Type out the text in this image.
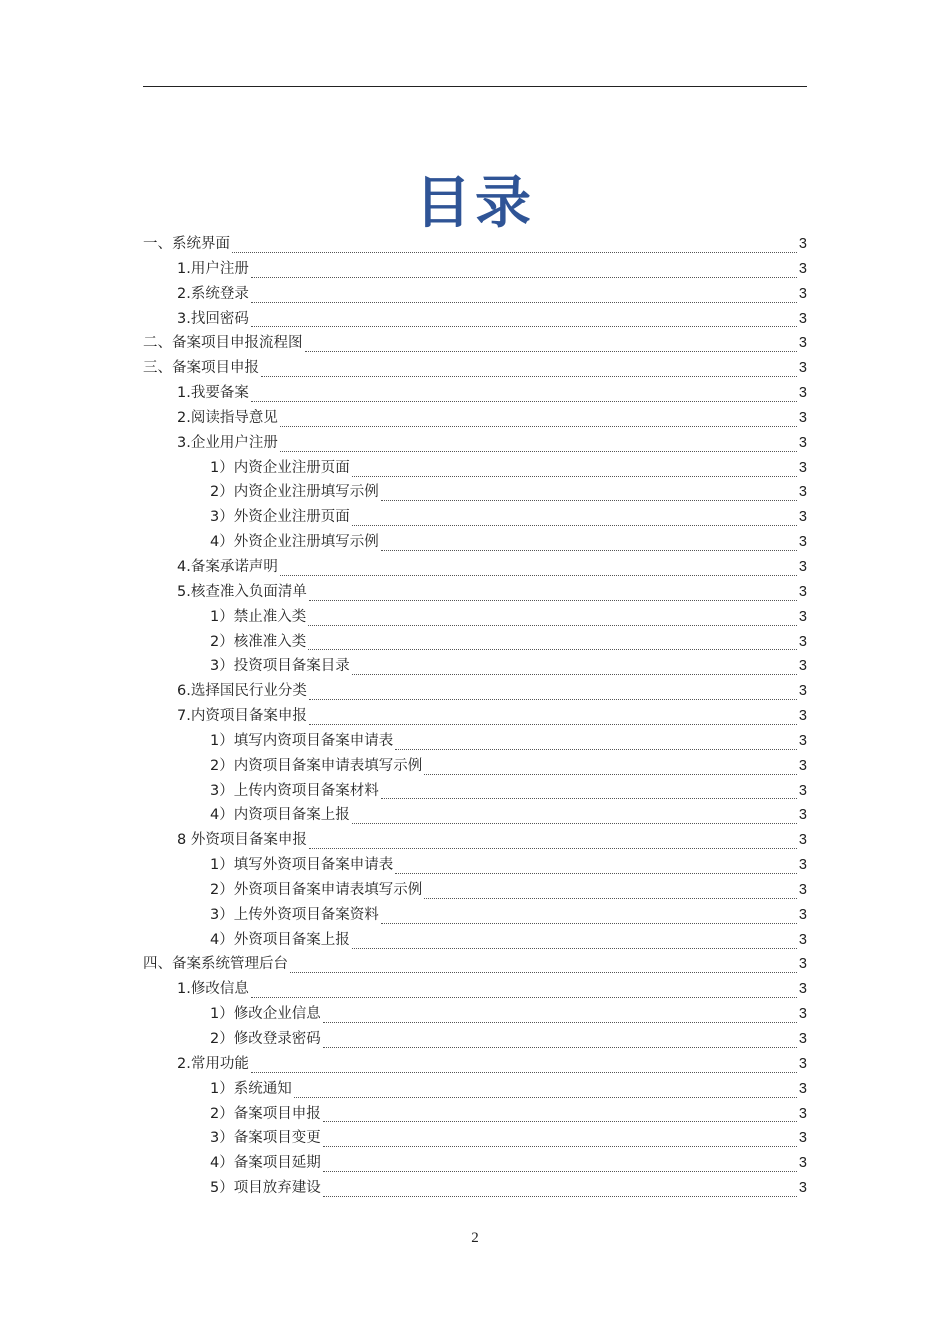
目录
一、系统界面	3
1.用户注册	3
2.系统登录	3
3.找回密码	3
二、备案项目申报流程图	3
三、备案项目申报	3
1.我要备案	3
2.阅读指导意见	3
3.企业用户注册	3
1）内资企业注册页面	3
2）内资企业注册填写示例	3
3）外资企业注册页面	3
4）外资企业注册填写示例	3
4.备案承诺声明	3
5.核查准入负面清单	3
1）禁止准入类	3
2）核准准入类	3
3）投资项目备案目录	3
6.选择国民行业分类	3
7.内资项目备案申报	3
1）填写内资项目备案申请表	3
2）内资项目备案申请表填写示例	3
3）上传内资项目备案材料	3
4）内资项目备案上报	3
8 外资项目备案申报	3
1）填写外资项目备案申请表	3
2）外资项目备案申请表填写示例	3
3）上传外资项目备案资料	3
4）外资项目备案上报	3
四、备案系统管理后台	3
1.修改信息	3
1）修改企业信息	3
2）修改登录密码	3
2.常用功能	3
1）系统通知	3
2）备案项目申报	3
3）备案项目变更	3
4）备案项目延期	3
5）项目放弃建设	3
2
